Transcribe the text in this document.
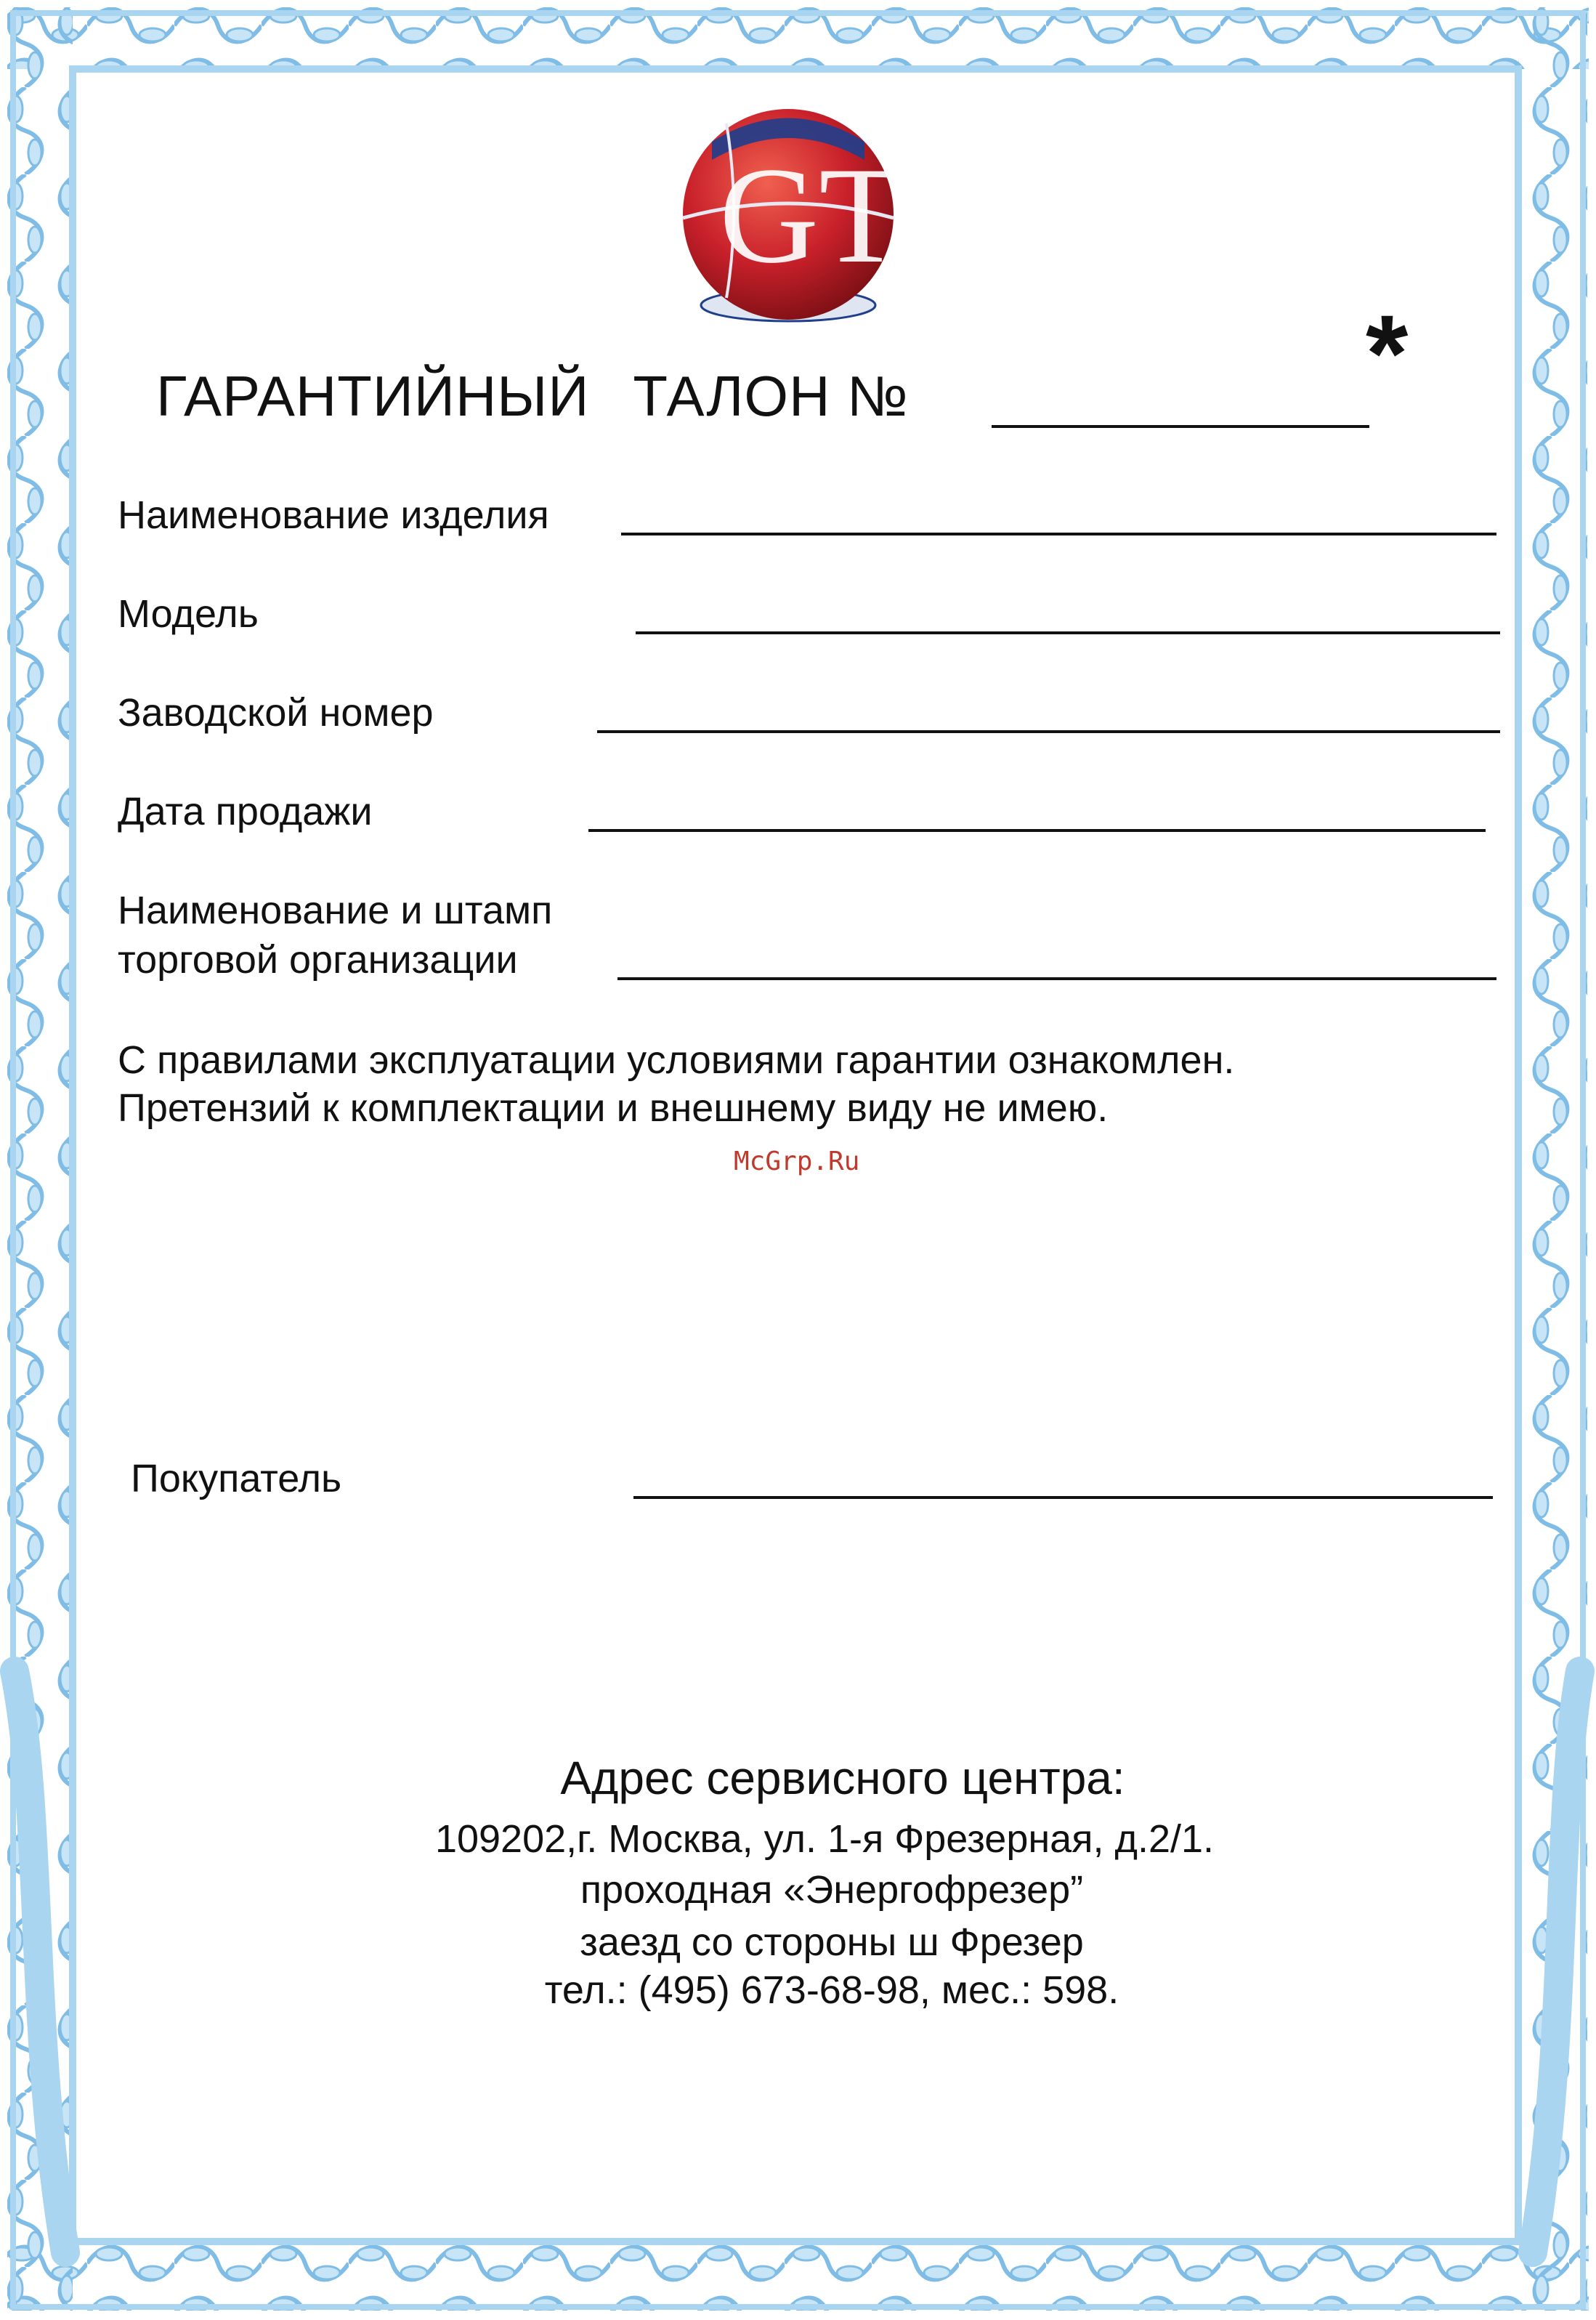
GT
ГАРАНТИЙНЫЙ ТАЛОН №	*
Наименование изделия
Модель
Заводской номер
Дата продажи
Наименование и штамп
торговой организации
С правилами эксплуатации условиями гарантии ознакомлен.
Претензий к комплектации и внешнему виду не имею.
McGrp.Ru
Покупатель
Адрес сервисного центра:
109202,г. Москва, ул. 1-я Фрезерная, д.2/1.
проходная «Энергофрезер”
заезд со стороны ш Фрезер
тел.: (495) 673-68-98, мес.: 598.
